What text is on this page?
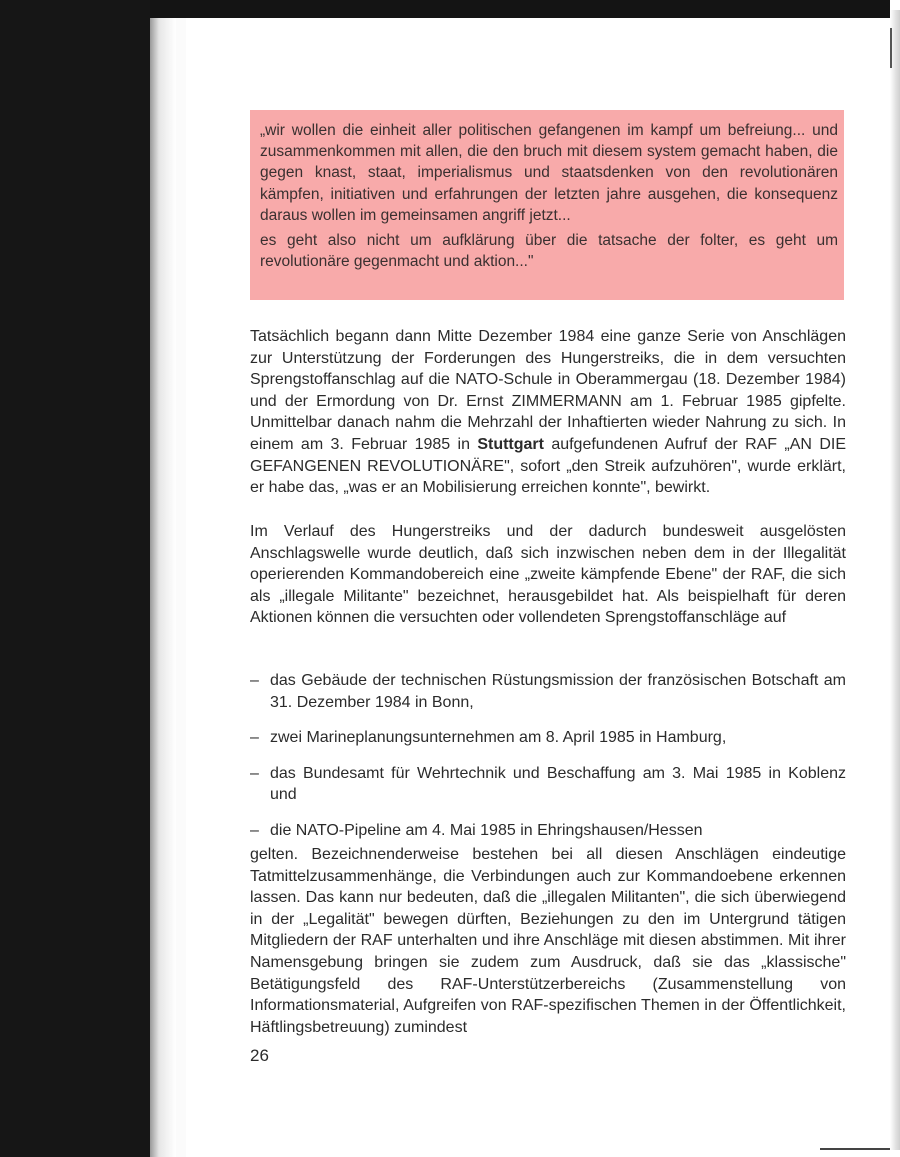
„wir wollen die einheit aller politischen gefangenen im kampf um befreiung... und zusammenkommen mit allen, die den bruch mit diesem system gemacht haben, die gegen knast, staat, imperialismus und staatsdenken von den revolutionären kämpfen, initiativen und erfahrungen der letzten jahre ausgehen, die konsequenz daraus wollen im gemeinsamen angriff jetzt...

es geht also nicht um aufklärung über die tatsache der folter, es geht um revolutionäre gegenmacht und aktion..."

Tatsächlich begann dann Mitte Dezember 1984 eine ganze Serie von Anschlägen zur Unterstützung der Forderungen des Hungerstreiks, die in dem versuchten Sprengstoffanschlag auf die NATO-Schule in Oberammergau (18. Dezember 1984) und der Ermordung von Dr. Ernst ZIMMERMANN am 1. Februar 1985 gipfelte. Unmittelbar danach nahm die Mehrzahl der Inhaftierten wieder Nahrung zu sich. In einem am 3. Februar 1985 in Stuttgart aufgefundenen Aufruf der RAF „AN DIE GEFANGENEN REVOLUTIONÄRE", sofort „den Streik aufzuhören", wurde erklärt, er habe das, „was er an Mobilisierung erreichen konnte", bewirkt.
Im Verlauf des Hungerstreiks und der dadurch bundesweit ausgelösten Anschlagswelle wurde deutlich, daß sich inzwischen neben dem in der Illegalität operierenden Kommandobereich eine „zweite kämpfende Ebene" der RAF, die sich als „illegale Militante" bezeichnet, herausgebildet hat. Als beispielhaft für deren Aktionen können die versuchten oder vollendeten Sprengstoffanschläge auf
– das Gebäude der technischen Rüstungsmission der französischen Botschaft am 31. Dezember 1984 in Bonn,
– zwei Marineplanungsunternehmen am 8. April 1985 in Hamburg,
– das Bundesamt für Wehrtechnik und Beschaffung am 3. Mai 1985 in Koblenz und
– die NATO-Pipeline am 4. Mai 1985 in Ehringshausen/Hessen
gelten. Bezeichnenderweise bestehen bei all diesen Anschlägen eindeutige Tatmittelzusammenhänge, die Verbindungen auch zur Kommandoebene erkennen lassen. Das kann nur bedeuten, daß die „illegalen Militanten", die sich überwiegend in der „Legalität" bewegen dürften, Beziehungen zu den im Untergrund tätigen Mitgliedern der RAF unterhalten und ihre Anschläge mit diesen abstimmen. Mit ihrer Namensgebung bringen sie zudem zum Ausdruck, daß sie das „klassische" Betätigungsfeld des RAF-Unterstützerbereichs (Zusammenstellung von Informationsmaterial, Aufgreifen von RAF-spezifischen Themen in der Öffentlichkeit, Häftlingsbetreuung) zumindest
26
